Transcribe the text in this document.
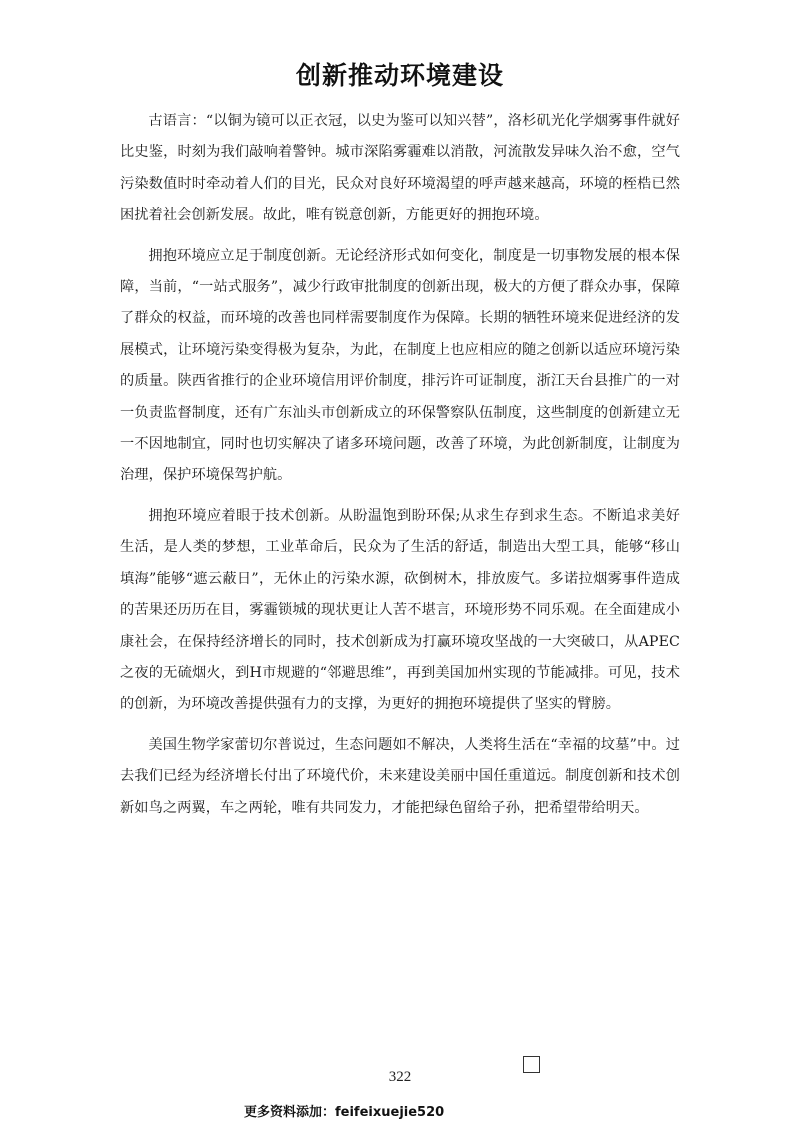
创新推动环境建设

古语言：“以铜为镜可以正衣冠，以史为鉴可以知兴替”，洛杉矶光化学烟雾事件就好比史鉴，时刻为我们敲响着警钟。城市深陷雾霾难以消散，河流散发异味久治不愈，空气污染数值时时牵动着人们的目光，民众对良好环境渴望的呼声越来越高，环境的桎梏已然困扰着社会创新发展。故此，唯有锐意创新，方能更好的拥抱环境。

拥抱环境应立足于制度创新。无论经济形式如何变化，制度是一切事物发展的根本保障，当前，“一站式服务”，减少行政审批制度的创新出现，极大的方便了群众办事，保障了群众的权益，而环境的改善也同样需要制度作为保障。长期的牺牲环境来促进经济的发展模式，让环境污染变得极为复杂，为此，在制度上也应相应的随之创新以适应环境污染的质量。陕西省推行的企业环境信用评价制度，排污许可证制度，浙江天台县推广的一对一负责监督制度，还有广东汕头市创新成立的环保警察队伍制度，这些制度的创新建立无一不因地制宜，同时也切实解决了诸多环境问题，改善了环境，为此创新制度，让制度为治理，保护环境保驾护航。

拥抱环境应着眼于技术创新。从盼温饱到盼环保;从求生存到求生态。不断追求美好生活，是人类的梦想，工业革命后，民众为了生活的舒适，制造出大型工具，能够“移山填海”能够“遮云蔽日”，无休止的污染水源，砍倒树木，排放废气。多诺拉烟雾事件造成的苦果还历历在目，雾霾锁城的现状更让人苦不堪言，环境形势不同乐观。在全面建成小康社会，在保持经济增长的同时，技术创新成为打赢环境攻坚战的一大突破口，从APEC之夜的无硫烟火，到H市规避的“邻避思维”，再到美国加州实现的节能减排。可见，技术的创新，为环境改善提供强有力的支撑，为更好的拥抱环境提供了坚实的臂膀。

美国生物学家蕾切尔普说过，生态问题如不解决，人类将生活在“幸福的坟墓”中。过去我们已经为经济增长付出了环境代价，未来建设美丽中国任重道远。制度创新和技术创新如鸟之两翼，车之两轮，唯有共同发力，才能把绿色留给子孙，把希望带给明天。

322
更多资料添加：feifeixuejie520
